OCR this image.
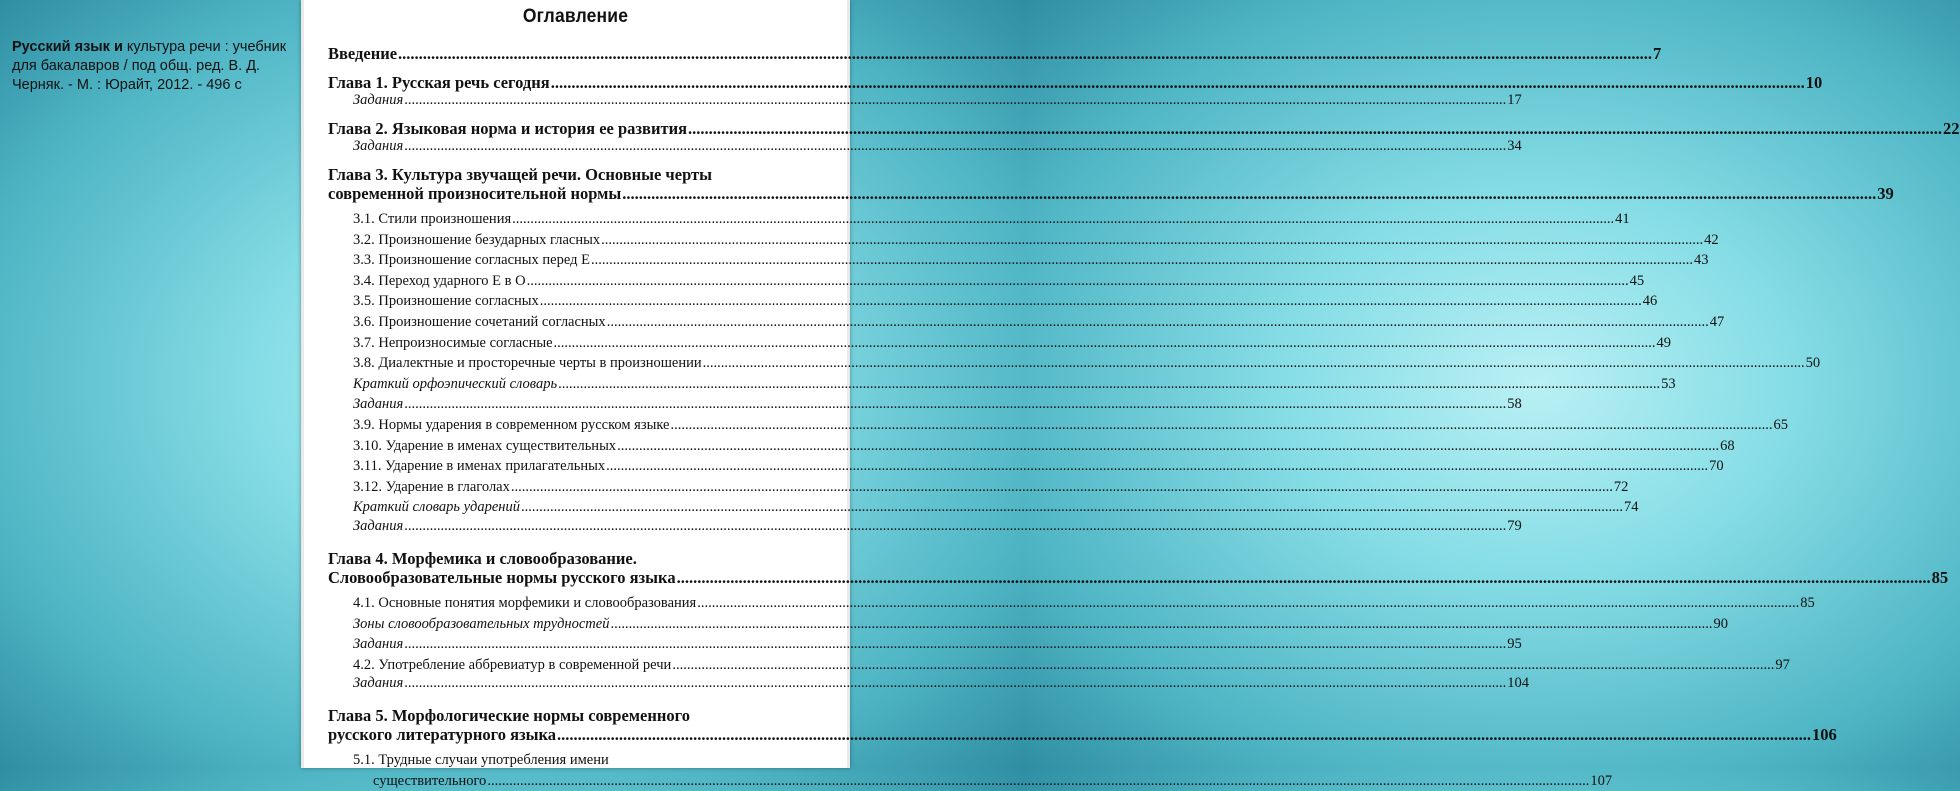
Русский язык и культура речи : учебник для бакалавров / под общ. ред. В. Д. Черняк. - М. : Юрайт, 2012. - 496 с
Оглавление
Введение .....	7
Глава 1. Русская речь сегодня .....	10
Задания .....	17
Глава 2. Языковая норма и история ее развития .....	22
Задания .....	34
Глава 3. Культура звучащей речи. Основные черты
современной произносительной нормы .....	39
3.1. Стили произношения .....	41
3.2. Произношение безударных гласных .....	42
3.3. Произношение согласных перед Е .....	43
3.4. Переход ударного Е в О .....	45
3.5. Произношение согласных .....	46
3.6. Произношение сочетаний согласных .....	47
3.7. Непроизносимые согласные .....	49
3.8. Диалектные и просторечные черты в произношении .....	50
Краткий орфоэпический словарь .....	53
Задания .....	58
3.9. Нормы ударения в современном русском языке .....	65
3.10. Ударение в именах существительных .....	68
3.11. Ударение в именах прилагательных .....	70
3.12. Ударение в глаголах .....	72
Краткий словарь ударений .....	74
Задания .....	79
Глава 4. Морфемика и словообразование.
Словообразовательные нормы русского языка .....	85
4.1. Основные понятия морфемики и словообразования .....	85
Зоны словообразовательных трудностей .....	90
Задания .....	95
4.2. Употребление аббревиатур в современной речи .....	97
Задания .....	104
Глава 5. Морфологические нормы современного
русского литературного языка .....	106
5.1. Трудные случаи употребления имени
существительного .....	107
